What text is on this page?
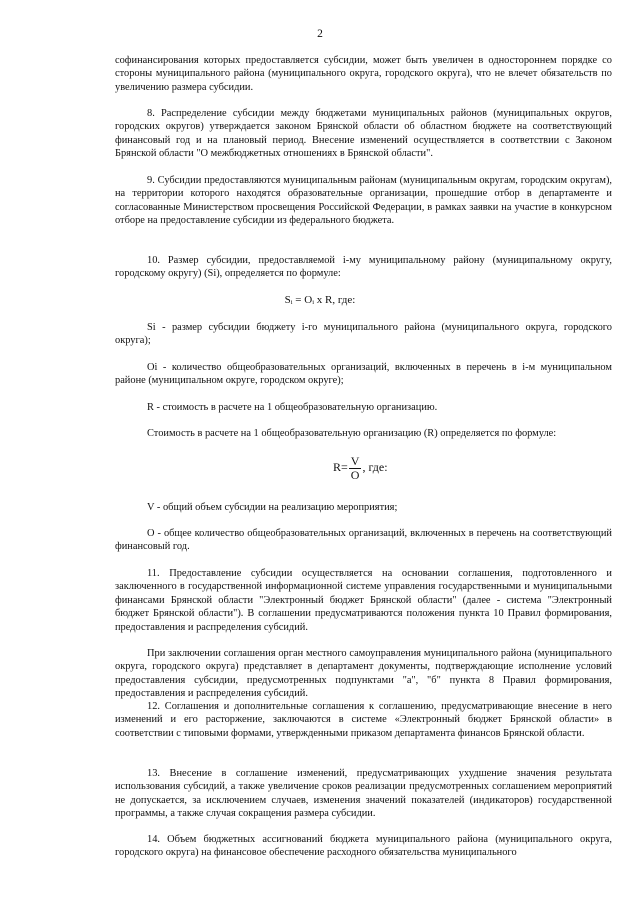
2

софинансирования которых предоставляется субсидии, может быть увеличен в одностороннем порядке со стороны муниципального района (муниципального округа, городского округа), что не влечет обязательств по увеличению размера субсидии.

8. Распределение субсидии между бюджетами муниципальных районов (муниципальных округов, городских округов) утверждается законом Брянской области об областном бюджете на соответствующий финансовый год и на плановый период. Внесение изменений осуществляется в соответствии с Законом Брянской области "О межбюджетных отношениях в Брянской области".

9. Субсидии предоставляются муниципальным районам (муниципальным округам, городским округам), на территории которого находятся образовательные организации, прошедшие отбор в департаменте и согласованные Министерством просвещения Российской Федерации, в рамках заявки на участие в конкурсном отборе на предоставление субсидии из федерального бюджета.

10. Размер субсидии, предоставляемой i-му муниципальному району (муниципальному округу, городскому округу) (Si), определяется по формуле:

Sᵢ = Oᵢ x R, где:

Si - размер субсидии бюджету i-го муниципального района (муниципального округа, городского округа);

Oi - количество общеобразовательных организаций, включенных в перечень в i-м муниципальном районе (муниципальном округе, городском округе);

R - стоимость в расчете на 1 общеобразовательную организацию.

Стоимость в расчете на 1 общеобразовательную организацию (R) определяется по формуле:

$R= \frac{V}{O}$ , где:

V - общий объем субсидии на реализацию мероприятия;

O - общее количество общеобразовательных организаций, включенных в перечень на соответствующий финансовый год.

11. Предоставление субсидии осуществляется на основании соглашения, подготовленного и заключенного в государственной информационной системе управления государственными и муниципальными финансами Брянской области "Электронный бюджет Брянской области" (далее - система "Электронный бюджет Брянской области"). В соглашении предусматриваются положения пункта 10 Правил формирования, предоставления и распределения субсидий.

При заключении соглашения орган местного самоуправления муниципального района (муниципального округа, городского округа) представляет в департамент документы, подтверждающие исполнение условий предоставления субсидии, предусмотренных подпунктами "а", "б" пункта 8 Правил формирования, предоставления и распределения субсидий.

12. Соглашения и дополнительные соглашения к соглашению, предусматривающие внесение в него изменений и его расторжение, заключаются в системе «Электронный бюджет Брянской области» в соответствии с типовыми формами, утвержденными приказом департамента финансов Брянской области.

13. Внесение в соглашение изменений, предусматривающих ухудшение значения результата использования субсидий, а также увеличение сроков реализации предусмотренных соглашением мероприятий не допускается, за исключением случаев, изменения значений показателей (индикаторов) государственной программы, а также случая сокращения размера субсидии.

14. Объем бюджетных ассигнований бюджета муниципального района (муниципального округа, городского округа) на финансовое обеспечение расходного обязательства муниципального
